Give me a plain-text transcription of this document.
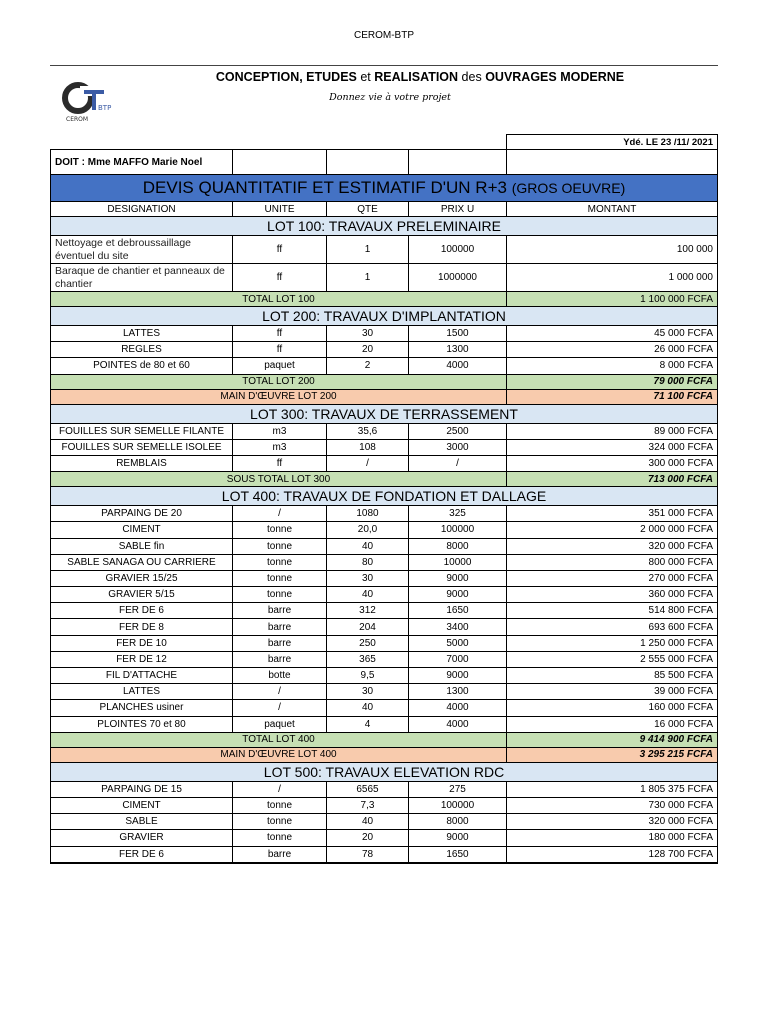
CEROM-BTP
BTP
CEROM
CONCEPTION, ETUDES et REALISATION des OUVRAGES MODERNE
Donnez vie à votre projet
				Ydé. LE 23 /11/ 2021
DOIT : Mme MAFFO Marie Noel				
DEVIS QUANTITATIF ET ESTIMATIF D'UN R+3 (GROS OEUVRE)				
DESIGNATION	UNITE	QTE	PRIX U	MONTANT
LOT 100: TRAVAUX PRELEMINAIRE				
Nettoyage et debroussaillage éventuel du site	ff	1	100000	100 000
Baraque de chantier et panneaux de chantier	ff	1	1000000	1 000 000
TOTAL LOT 100				1 100 000 FCFA
LOT 200: TRAVAUX D'IMPLANTATION				
LATTES	ff	30	1500	45 000 FCFA
REGLES	ff	20	1300	26 000 FCFA
POINTES de 80 et 60	paquet	2	4000	8 000 FCFA
TOTAL LOT 200				79 000 FCFA
MAIN D'ŒUVRE LOT 200				71 100 FCFA
LOT 300: TRAVAUX DE TERRASSEMENT				
FOUILLES SUR SEMELLE FILANTE	m3	35,6	2500	89 000 FCFA
FOUILLES SUR SEMELLE ISOLEE	m3	108	3000	324 000 FCFA
REMBLAIS	ff	/	/	300 000 FCFA
SOUS TOTAL LOT 300				713 000 FCFA
LOT 400: TRAVAUX DE FONDATION ET DALLAGE				
PARPAING DE 20	/	1080	325	351 000 FCFA
CIMENT	tonne	20,0	100000	2 000 000 FCFA
SABLE fin	tonne	40	8000	320 000 FCFA
SABLE SANAGA OU CARRIERE	tonne	80	10000	800 000 FCFA
GRAVIER 15/25	tonne	30	9000	270 000 FCFA
GRAVIER 5/15	tonne	40	9000	360 000 FCFA
FER DE 6	barre	312	1650	514 800 FCFA
FER DE 8	barre	204	3400	693 600 FCFA
FER DE 10	barre	250	5000	1 250 000 FCFA
FER DE 12	barre	365	7000	2 555 000 FCFA
FIL D'ATTACHE	botte	9,5	9000	85 500 FCFA
LATTES	/	30	1300	39 000 FCFA
PLANCHES usiner	/	40	4000	160 000 FCFA
PLOINTES 70 et 80	paquet	4	4000	16 000 FCFA
TOTAL LOT 400				9 414 900 FCFA
MAIN D'ŒUVRE LOT 400				3 295 215 FCFA
LOT 500: TRAVAUX ELEVATION RDC				
PARPAING DE 15	/	6565	275	1 805 375 FCFA
CIMENT	tonne	7,3	100000	730 000 FCFA
SABLE	tonne	40	8000	320 000 FCFA
GRAVIER	tonne	20	9000	180 000 FCFA
FER DE 6	barre	78	1650	128 700 FCFA
